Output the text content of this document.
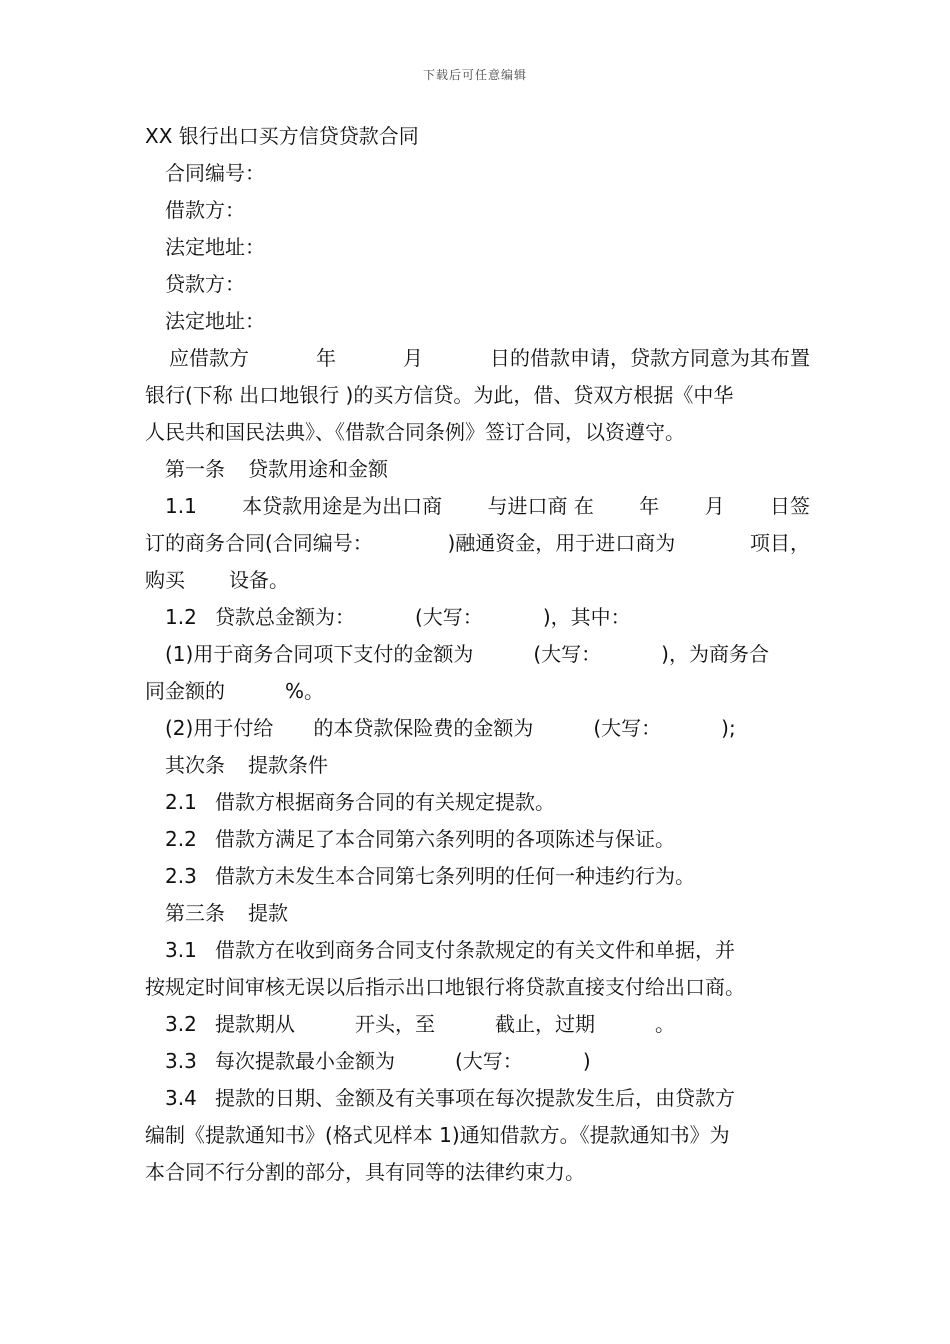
下载后可任意编辑
XX 银行出口买方信贷贷款合同
合同编号：
借款方：
法定地址：
贷款方：
法定地址：
应借款方	年	月	日的借款申请，贷款方同意为其布置
银行(下称 出口地银行 )的买方信贷。为此，借、贷双方根据《中华
人民共和国民法典》、《借款合同条例》签订合同，以资遵守。
第一条 贷款用途和金额
1.1 本贷款用途是为出口商 与进口商 在 年 月 日签
订的商务合同(合同编号：	)融通资金，用于进口商为	项目，
购买 设备。
1.2 贷款总金额为：	(大写：	)，其中：
(1)用于商务合同项下支付的金额为	(大写：	)，为商务合
同金额的	%。
(2)用于付给 的本贷款保险费的金额为	(大写：	);
其次条 提款条件
2.1 借款方根据商务合同的有关规定提款。
2.2 借款方满足了本合同第六条列明的各项陈述与保证。
2.3 借款方未发生本合同第七条列明的任何一种违约行为。
第三条 提款
3.1 借款方在收到商务合同支付条款规定的有关文件和单据，并
按规定时间审核无误以后指示出口地银行将贷款直接支付给出口商。
3.2 提款期从	开头，至	截止，过期	。
3.3 每次提款最小金额为	(大写：	)
3.4 提款的日期、金额及有关事项在每次提款发生后，由贷款方
编制《提款通知书》(格式见样本 1)通知借款方。《提款通知书》为
本合同不行分割的部分，具有同等的法律约束力。
